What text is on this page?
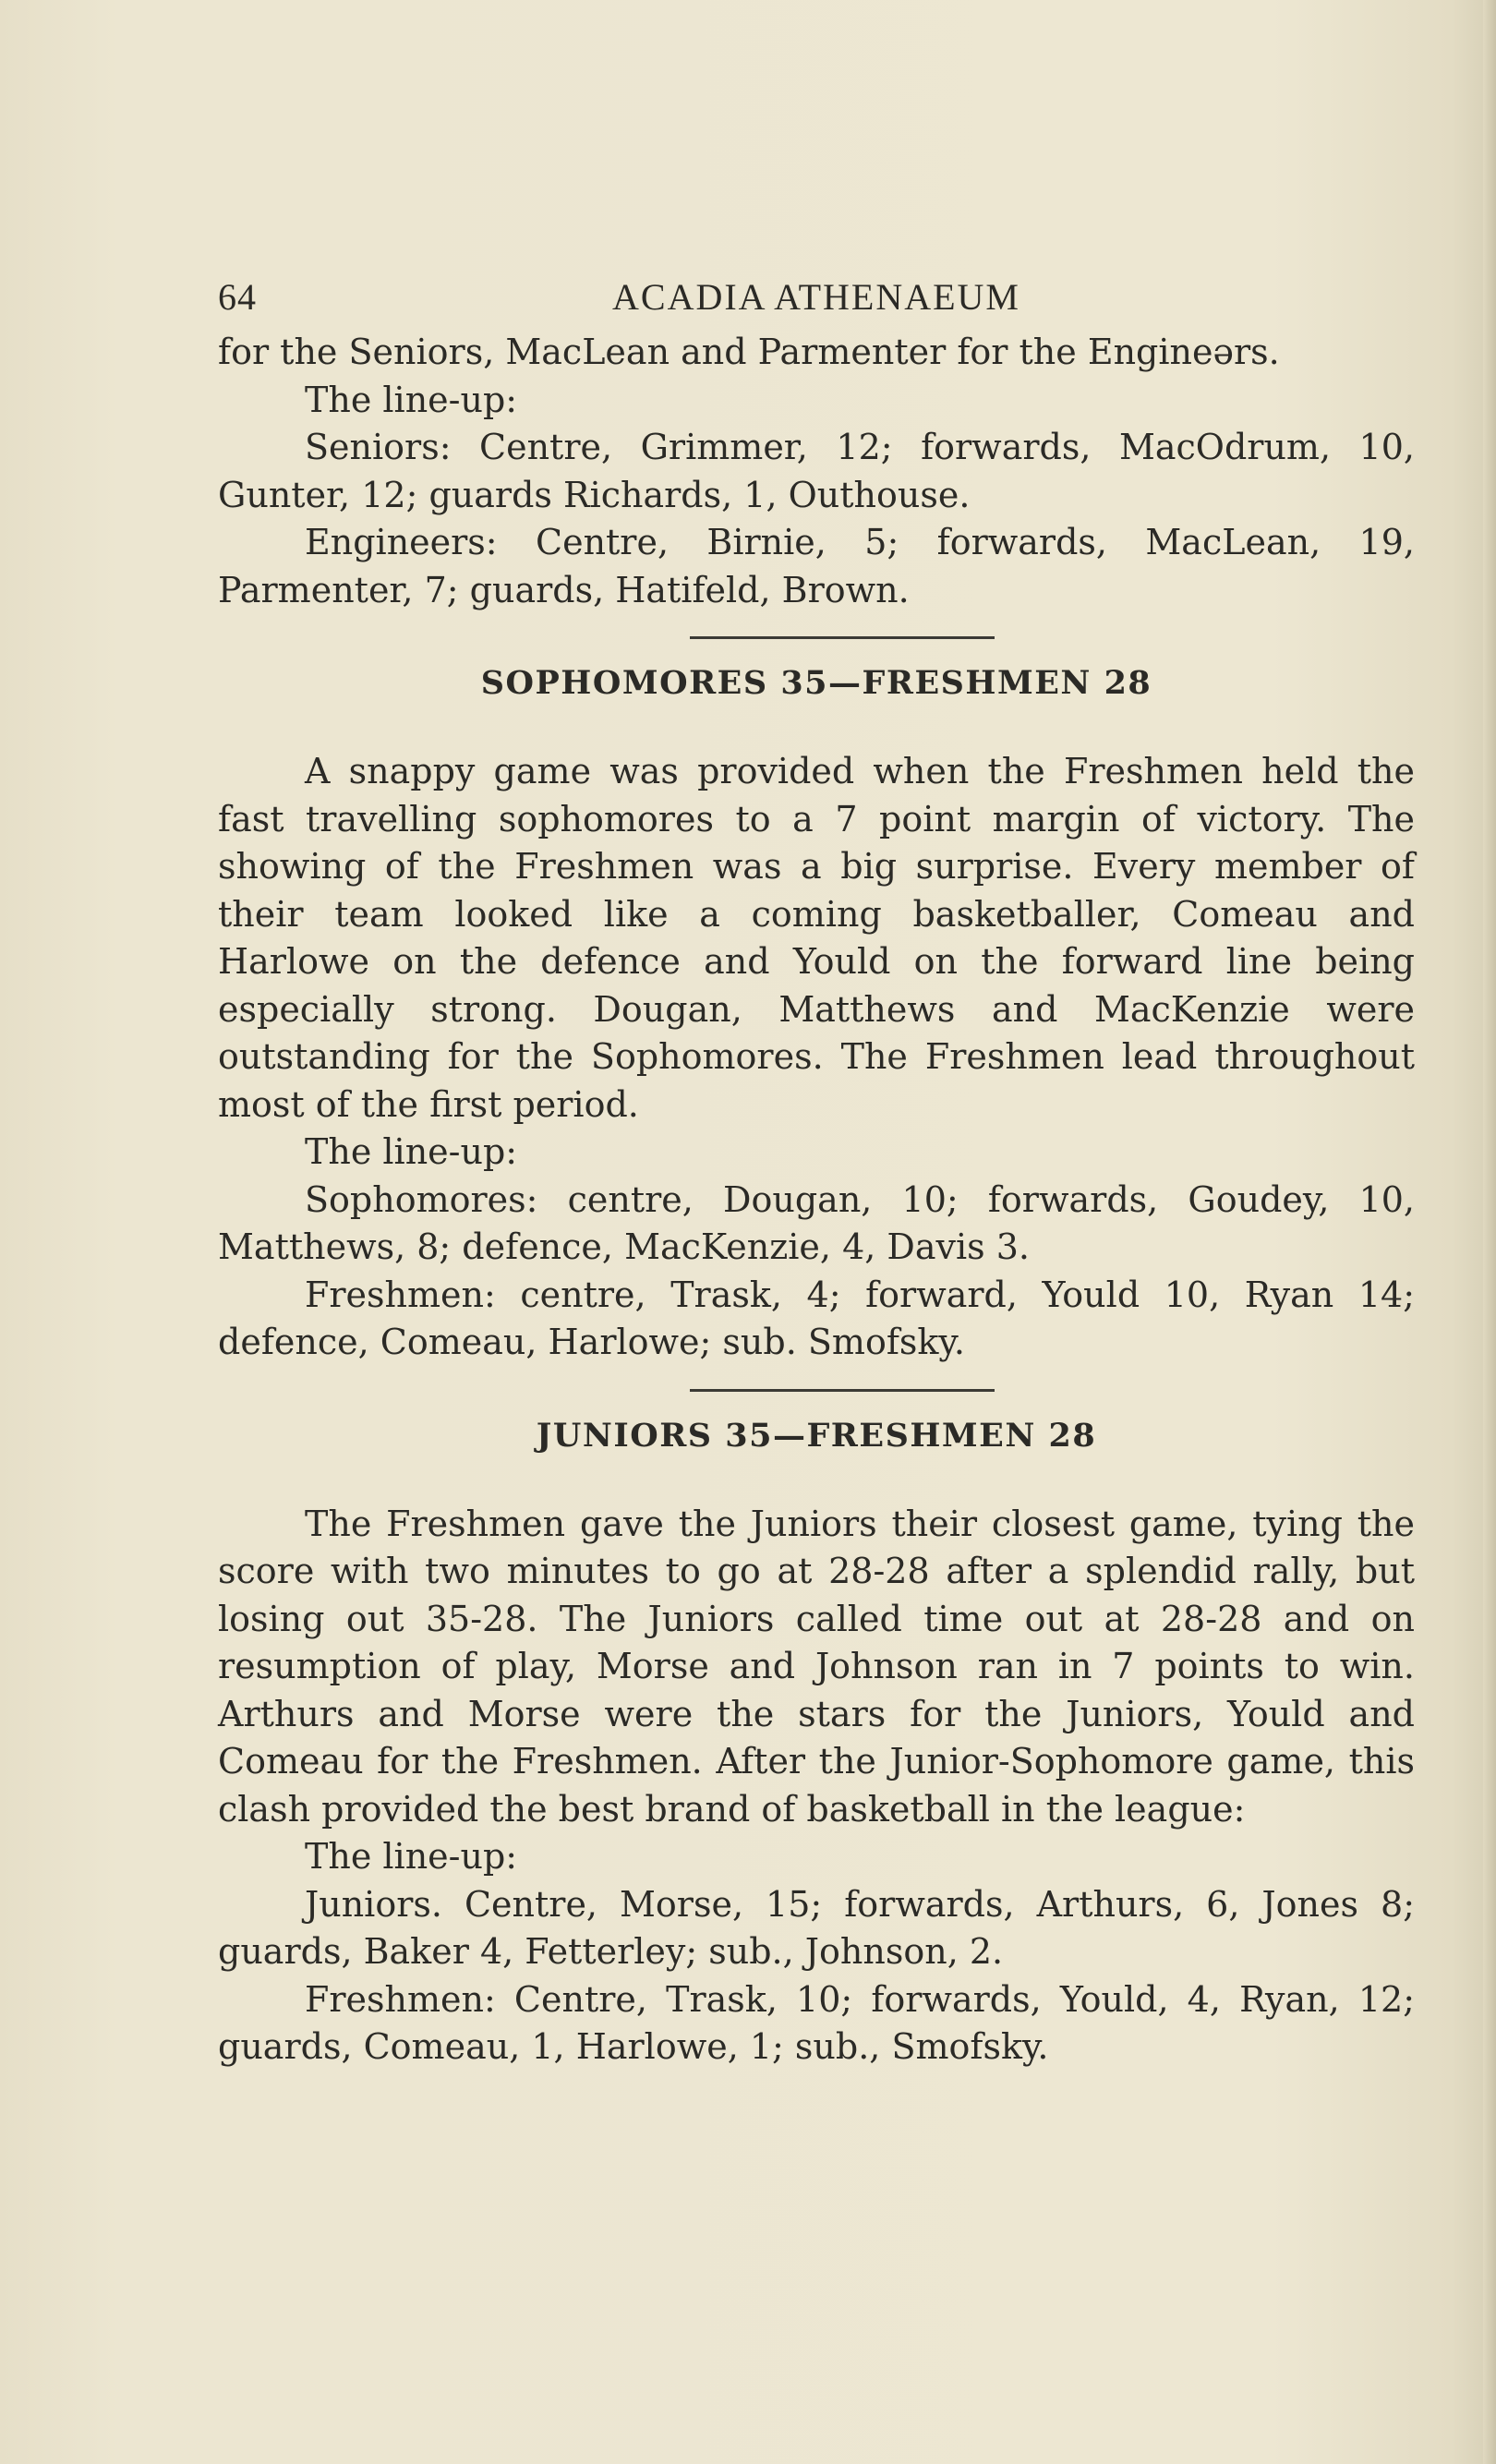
64	ACADIA ATHENAEUM

for the Seniors, MacLean and Parmenter for the Engineərs.

The line-up:

Seniors: Centre, Grimmer, 12; forwards, MacOdrum, 10, Gunter, 12; guards Richards, 1, Outhouse.

Engineers: Centre, Birnie, 5; forwards, MacLean, 19, Parmenter, 7; guards, Hatifeld, Brown.

SOPHOMORES 35—FRESHMEN 28

A snappy game was provided when the Freshmen held the fast travelling sophomores to a 7 point margin of victory. The showing of the Freshmen was a big surprise. Every member of their team looked like a coming basketballer, Comeau and Harlowe on the defence and Yould on the forward line being especially strong. Dougan, Matthews and MacKenzie were outstanding for the Sophomores. The Freshmen lead throughout most of the first period.

The line-up:

Sophomores: centre, Dougan, 10; forwards, Goudey, 10, Matthews, 8; defence, MacKenzie, 4, Davis 3.

Freshmen: centre, Trask, 4; forward, Yould 10, Ryan 14; defence, Comeau, Harlowe; sub. Smofsky.

JUNIORS 35—FRESHMEN 28

The Freshmen gave the Juniors their closest game, tying the score with two minutes to go at 28-28 after a splendid rally, but losing out 35-28. The Juniors called time out at 28-28 and on resumption of play, Morse and Johnson ran in 7 points to win. Arthurs and Morse were the stars for the Juniors, Yould and Comeau for the Freshmen. After the Junior-Sophomore game, this clash provided the best brand of basketball in the league:

The line-up:

Juniors. Centre, Morse, 15; forwards, Arthurs, 6, Jones 8; guards, Baker 4, Fetterley; sub., Johnson, 2.

Freshmen: Centre, Trask, 10; forwards, Yould, 4, Ryan, 12; guards, Comeau, 1, Harlowe, 1; sub., Smofsky.
